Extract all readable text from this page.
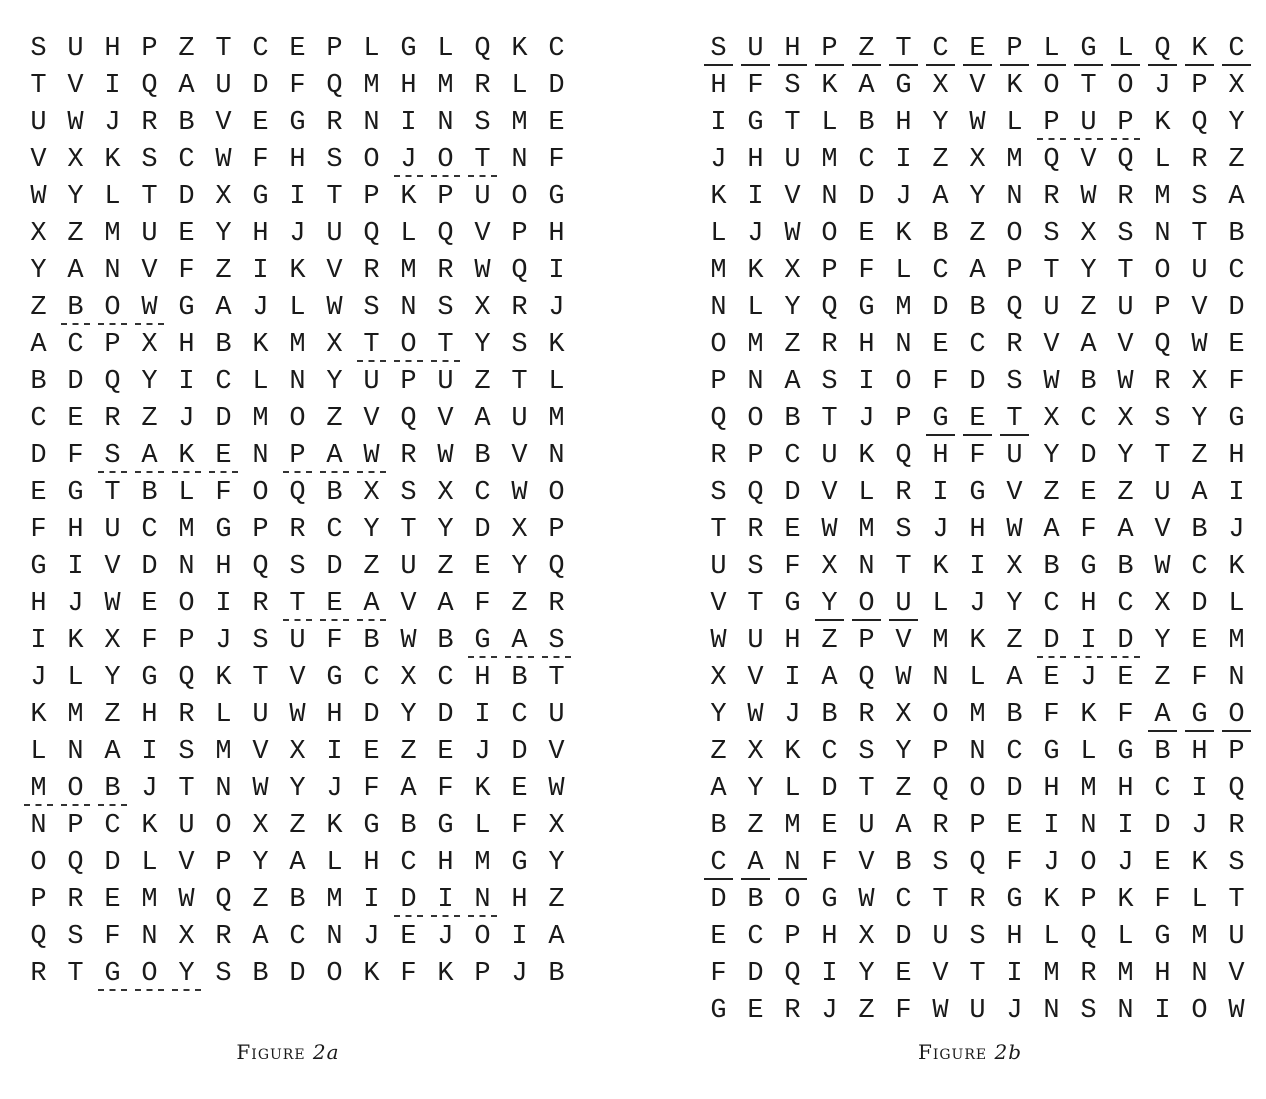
S U H P Z T C E P L G L Q K C
T V I Q A U D F Q M H M R L D
U W J R B V E G R N I N S M E
V X K S C W F H S O J O T N F
W Y L T D X G I T P K P U O G
X Z M U E Y H J U Q L Q V P H
Y A N V F Z I K V R M R W Q I
Z B O W G A J L W S N S X R J
A C P X H B K M X T O T Y S K
B D Q Y I C L N Y U P U Z T L
C E R Z J D M O Z V Q V A U M
D F S A K E N P A W R W B V N
E G T B L F O Q B X S X C W O
F H U C M G P R C Y T Y D X P
G I V D N H Q S D Z U Z E Y Q
H J W E O I R T E A V A F Z R
I K X F P J S U F B W B G A S
J L Y G Q K T V G C X C H B T
K M Z H R L U W H D Y D I C U
L N A I S M V X I E Z E J D V
M O B J T N W Y J F A F K E W
N P C K U O X Z K G B G L F X
O Q D L V P Y A L H C H M G Y
P R E M W Q Z B M I D I N H Z
Q S F N X R A C N J E J O I A
R T G O Y S B D O K F K P J B
S U H P Z T C E P L G L Q K C
H F S K A G X V K O T O J P X
I G T L B H Y W L P U P K Q Y
J H U M C I Z X M Q V Q L R Z
K I V N D J A Y N R W R M S A
L J W O E K B Z O S X S N T B
M K X P F L C A P T Y T O U C
N L Y Q G M D B Q U Z U P V D
O M Z R H N E C R V A V Q W E
P N A S I O F D S W B W R X F
Q O B T J P G E T X C X S Y G
R P C U K Q H F U Y D Y T Z H
S Q D V L R I G V Z E Z U A I
T R E W M S J H W A F A V B J
U S F X N T K I X B G B W C K
V T G Y O U L J Y C H C X D L
W U H Z P V M K Z D I D Y E M
X V I A Q W N L A E J E Z F N
Y W J B R X O M B F K F A G O
Z X K C S Y P N C G L G B H P
A Y L D T Z Q O D H M H C I Q
B Z M E U A R P E I N I D J R
C A N F V B S Q F J O J E K S
D B O G W C T R G K P K F L T
E C P H X D U S H L Q L G M U
F D Q I Y E V T I M R M H N V
G E R J Z F W U J N S N I O W
Figure 2a	Figure 2b
